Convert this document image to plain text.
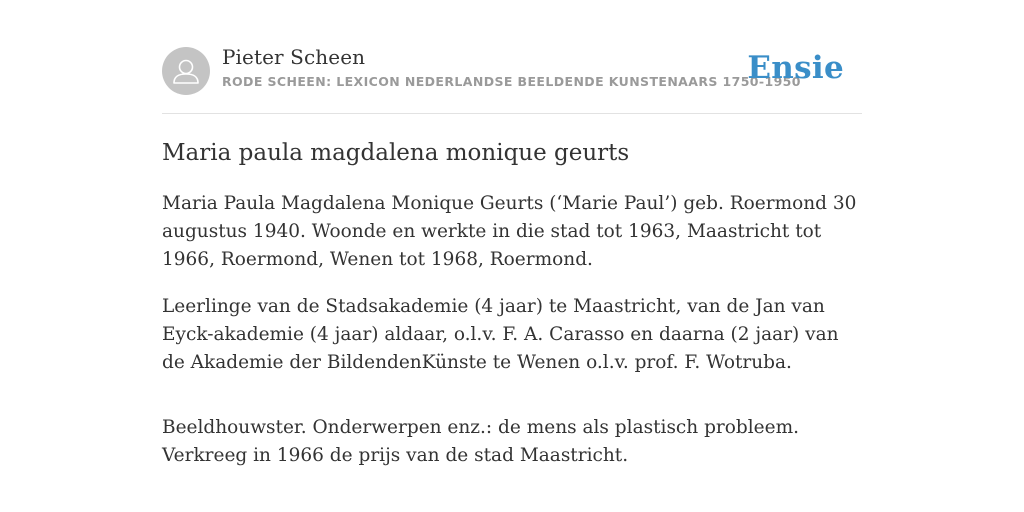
Pieter Scheen
RODE SCHEEN: LEXICON NEDERLANDSE BEELDENDE KUNSTENAARS 1750-1950
Ensie
Maria paula magdalena monique geurts

Maria Paula Magdalena Monique Geurts (‘Marie Paul’) geb. Roermond 30 augustus 1940. Woonde en werkte in die stad tot 1963, Maastricht tot 1966, Roermond, Wenen tot 1968, Roermond.

Leerlinge van de Stadsakademie (4 jaar) te Maastricht, van de Jan van Eyck-akademie (4 jaar) aldaar, o.l.v. F. A. Carasso en daarna (2 jaar) van de Akademie der BildendenKünste te Wenen o.l.v. prof. F. Wotruba.

Beeldhouwster. Onderwerpen enz.: de mens als plastisch probleem. Verkreeg in 1966 de prijs van de stad Maastricht.
